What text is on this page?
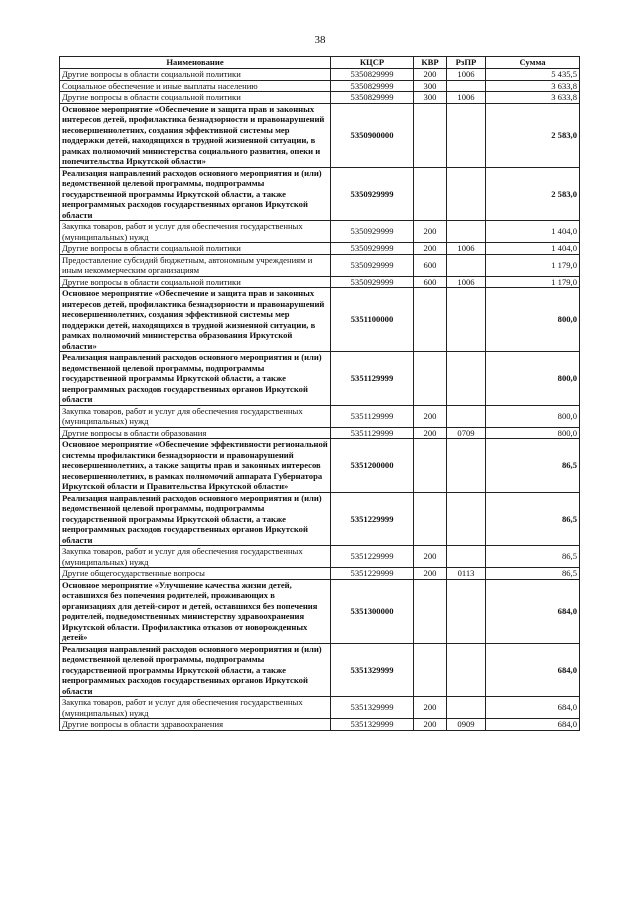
38
Наименование	КЦСР	КВР	РзПР	Сумма
Другие вопросы в области социальной политики	5350829999	200	1006	5 435,5
Социальное обеспечение и иные выплаты населению	5350829999	300		3 633,8
Другие вопросы в области социальной политики	5350829999	300	1006	3 633,8
Основное мероприятие «Обеспечение и защита прав и законных интересов детей, профилактика безнадзорности и правонарушений несовершеннолетних, создания эффективной системы мер поддержки детей, находящихся в трудной жизненной ситуации, в рамках полномочий министерства социального развития, опеки и попечительства Иркутской области»	5350900000			2 583,0
Реализация направлений расходов основного мероприятия и (или) ведомственной целевой программы, подпрограммы государственной программы Иркутской области, а также непрограммных расходов государственных органов Иркутской области	5350929999			2 583,0
Закупка товаров, работ и услуг для обеспечения государственных (муниципальных) нужд	5350929999	200		1 404,0
Другие вопросы в области социальной политики	5350929999	200	1006	1 404,0
Предоставление субсидий бюджетным, автономным учреждениям и иным некоммерческим организациям	5350929999	600		1 179,0
Другие вопросы в области социальной политики	5350929999	600	1006	1 179,0
Основное мероприятие «Обеспечение и защита прав и законных интересов детей, профилактика безнадзорности и правонарушений несовершеннолетних, создания эффективной системы мер поддержки детей, находящихся в трудной жизненной ситуации, в рамках полномочий министерства образования Иркутской области»	5351100000			800,0
Реализация направлений расходов основного мероприятия и (или) ведомственной целевой программы, подпрограммы государственной программы Иркутской области, а также непрограммных расходов государственных органов Иркутской области	5351129999			800,0
Закупка товаров, работ и услуг для обеспечения государственных (муниципальных) нужд	5351129999	200		800,0
Другие вопросы в области образования	5351129999	200	0709	800,0
Основное мероприятие «Обеспечение эффективности региональной системы профилактики безнадзорности и правонарушений несовершеннолетних, а также защиты прав и законных интересов несовершеннолетних, в рамках полномочий аппарата Губернатора Иркутской области и Правительства Иркутской области»	5351200000			86,5
Реализация направлений расходов основного мероприятия и (или) ведомственной целевой программы, подпрограммы государственной программы Иркутской области, а также непрограммных расходов государственных органов Иркутской области	5351229999			86,5
Закупка товаров, работ и услуг для обеспечения государственных (муниципальных) нужд	5351229999	200		86,5
Другие общегосударственные вопросы	5351229999	200	0113	86,5
Основное мероприятие «Улучшение качества жизни детей, оставшихся без попечения родителей, проживающих в организациях для детей-сирот и детей, оставшихся без попечения родителей, подведомственных министерству здравоохранения Иркутской области. Профилактика отказов от новорожденных детей»	5351300000			684,0
Реализация направлений расходов основного мероприятия и (или) ведомственной целевой программы, подпрограммы государственной программы Иркутской области, а также непрограммных расходов государственных органов Иркутской области	5351329999			684,0
Закупка товаров, работ и услуг для обеспечения государственных (муниципальных) нужд	5351329999	200		684,0
Другие вопросы в области здравоохранения	5351329999	200	0909	684,0
